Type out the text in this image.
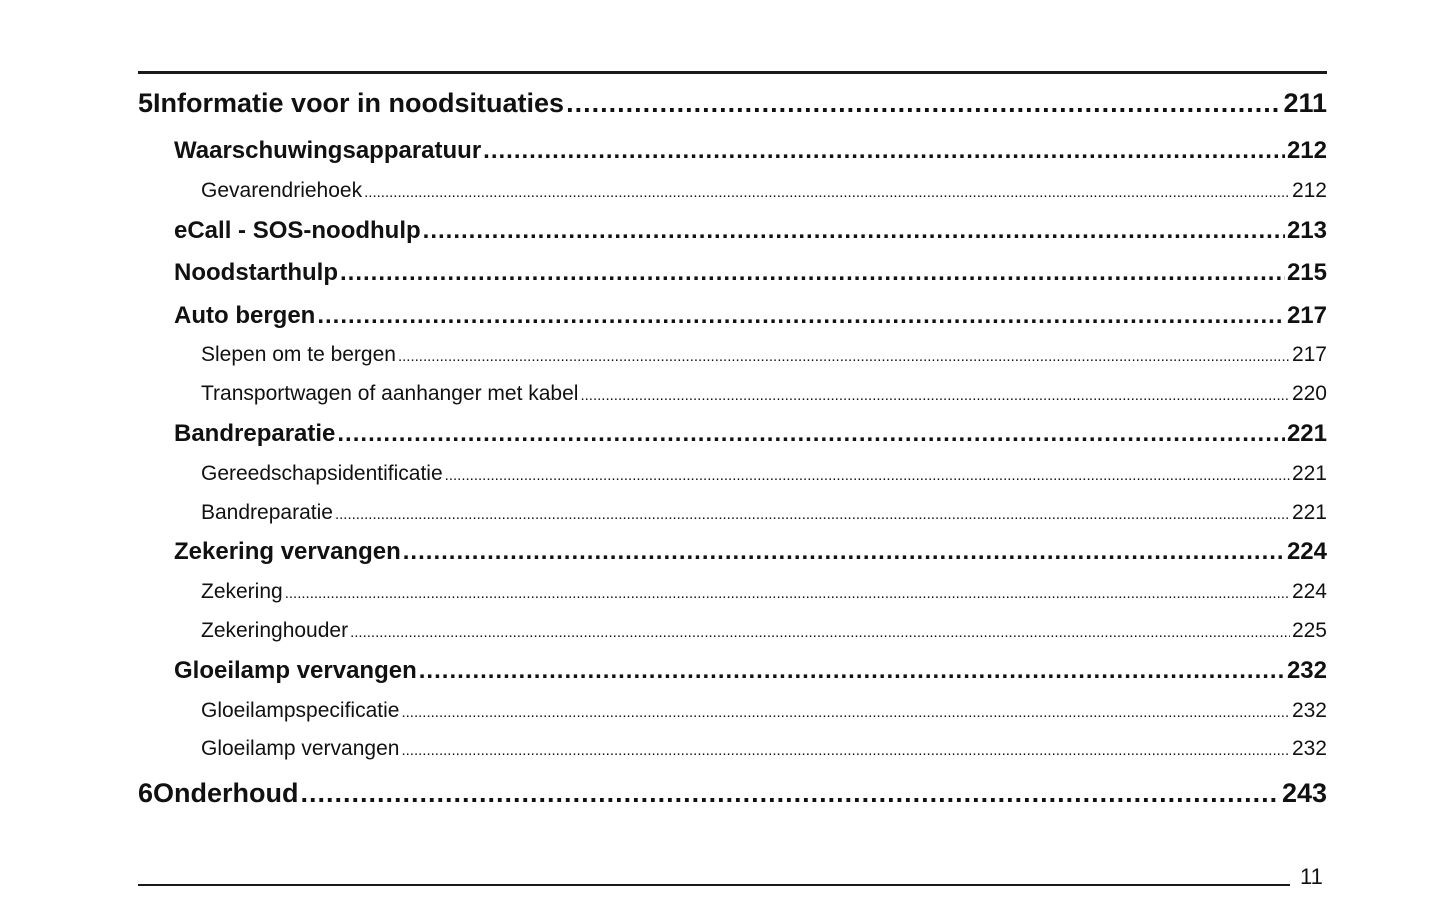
5 Informatie voor in noodsituaties .....	211
Waarschuwingsapparatuur .....	212
Gevarendriehoek .....	212
eCall - SOS-noodhulp .....	213
Noodstarthulp .....	215
Auto bergen .....	217
Slepen om te bergen .....	217
Transportwagen of aanhanger met kabel .....	220
Bandreparatie .....	221
Gereedschapsidentificatie .....	221
Bandreparatie .....	221
Zekering vervangen .....	224
Zekering .....	224
Zekeringhouder .....	225
Gloeilamp vervangen .....	232
Gloeilampspecificatie .....	232
Gloeilamp vervangen .....	232
6 Onderhoud .....	243
11
